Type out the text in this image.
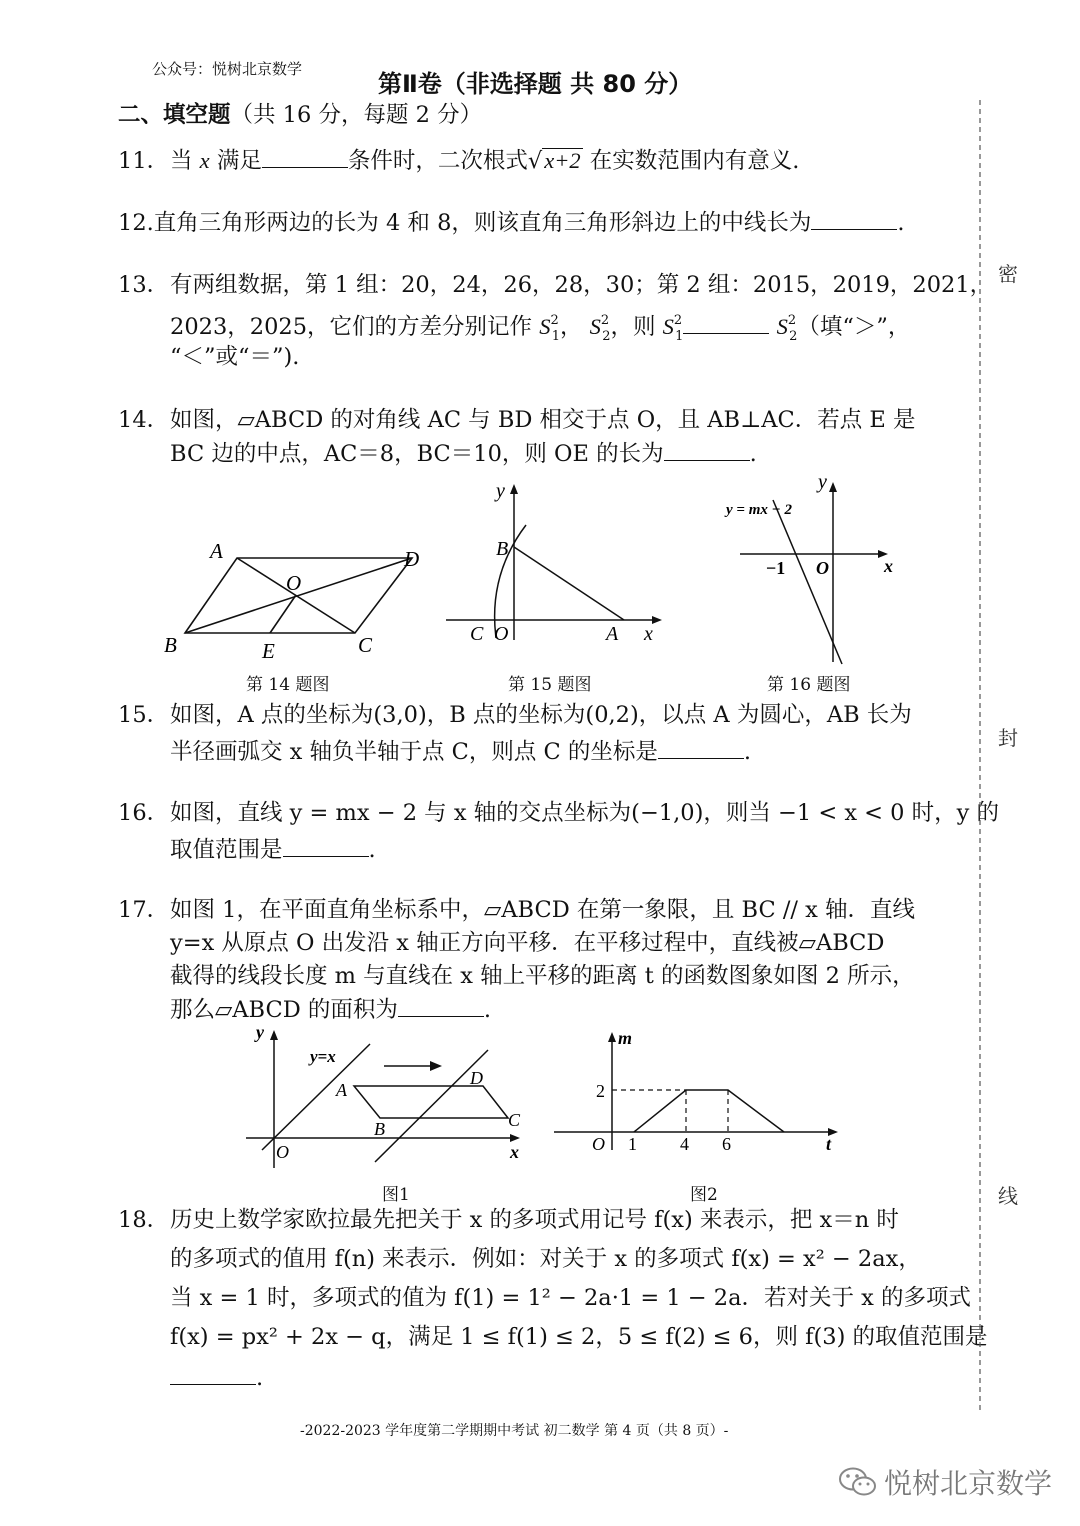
公众号：悦树北京数学
第Ⅱ卷（非选择题 共 80 分）
二、填空题（共 16 分，每题 2 分）
11．当 x 满足	条件时，二次根式√x+2 在实数范围内有意义.
12.直角三角形两边的长为 4 和 8，则该直角三角形斜边上的中线长为	.
13．有两组数据，第 1 组：20，24，26，28，30；第 2 组：2015，2019，2021，
2023，2025，它们的方差分别记作 $S^2_1$， $S^2_2$，则 $S^2_1$	$S^2_2$（填“＞”，
“＜”或“＝”).
14．如图，▱ABCD 的对角线 AC 与 BD 相交于点 O，且 AB⊥AC．若点 E 是
BC 边的中点，AC＝8，BC＝10，则 OE 的长为	.
A	D
O
B	E	C
第 14 题图
y
B
C O	A x
第 15 题图
y
y = mx − 2
−1 O	x
第 16 题图
15．如图，A 点的坐标为(3,0)，B 点的坐标为(0,2)，以点 A 为圆心，AB 长为
半径画弧交 x 轴负半轴于点 C，则点 C 的坐标是	.
16．如图，直线 y = mx − 2 与 x 轴的交点坐标为(−1,0)，则当 −1 < x < 0 时，y 的
取值范围是	.
17．如图 1，在平面直角坐标系中，▱ABCD 在第一象限，且 BC // x 轴．直线
y=x 从原点 O 出发沿 x 轴正方向平移．在平移过程中，直线被▱ABCD
截得的线段长度 m 与直线在 x 轴上平移的距离 t 的函数图象如图 2 所示，
那么▱ABCD 的面积为	.
y
y=x
A
D
B	C
O	x
图1
m
2
O 1 4 6	t
图2
18．历史上数学家欧拉最先把关于 x 的多项式用记号 f(x) 来表示，把 x＝n 时
的多项式的值用 f(n) 来表示．例如：对关于 x 的多项式 f(x) = x² − 2ax，
当 x = 1 时，多项式的值为 f(1) = 1² − 2a·1 = 1 − 2a．若对关于 x 的多项式
f(x) = px² + 2x − q，满足 1 ≤ f(1) ≤ 2，5 ≤ f(2) ≤ 6，则 f(3) 的取值范围是
.
密
封
线
-2022-2023 学年度第二学期期中考试 初二数学 第 4 页（共 8 页）-
悦树北京数学
